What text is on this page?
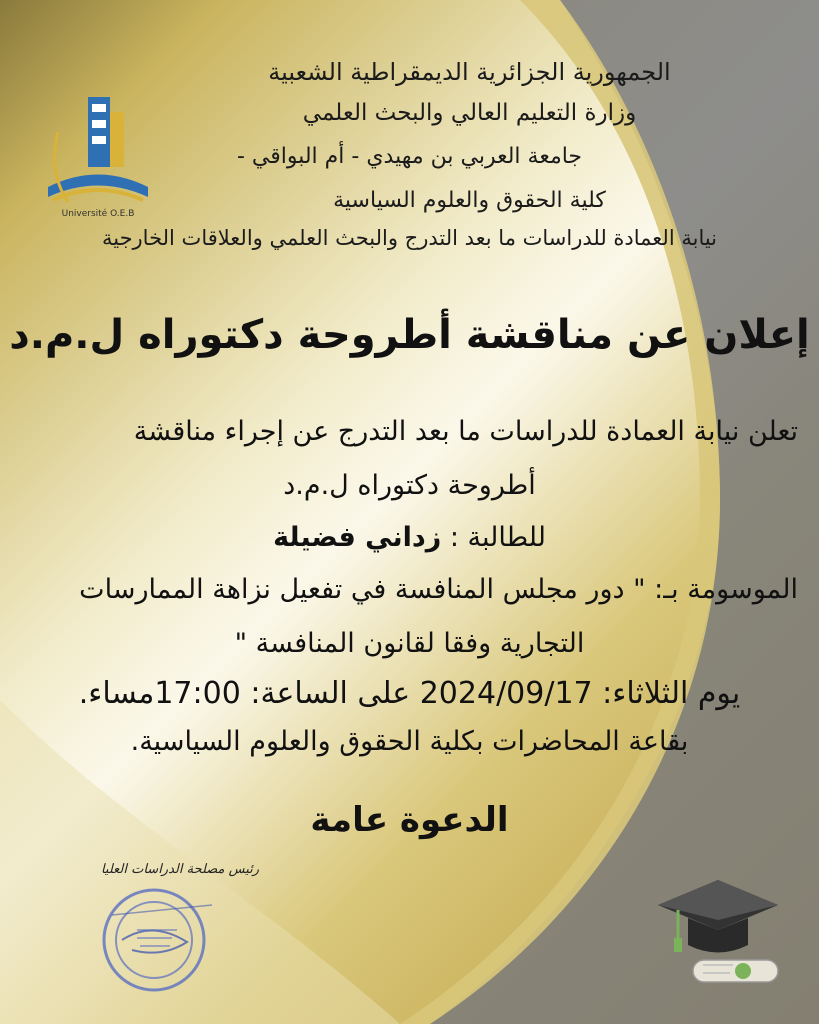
Université O.E.B
الجمهورية الجزائرية الديمقراطية الشعبية
وزارة التعليم العالي والبحث العلمي
جامعة العربي بن مهيدي - أم البواقي -
كلية الحقوق والعلوم السياسية
نيابة العمادة للدراسات ما بعد التدرج والبحث العلمي والعلاقات الخارجية
إعلان عن مناقشة أطروحة دكتوراه ل.م.د
تعلن نيابة العمادة للدراسات ما بعد التدرج عن إجراء مناقشة
أطروحة دكتوراه ل.م.د
للطالبة : زداني فضيلة
الموسومة بـ: " دور مجلس المنافسة في تفعيل نزاهة الممارسات
التجارية وفقا لقانون المنافسة "
يوم الثلاثاء: 2024/09/17 على الساعة: 17:00مساء.
بقاعة المحاضرات بكلية الحقوق والعلوم السياسية.
الدعوة عامة
رئيس مصلحة الدراسات العليا
